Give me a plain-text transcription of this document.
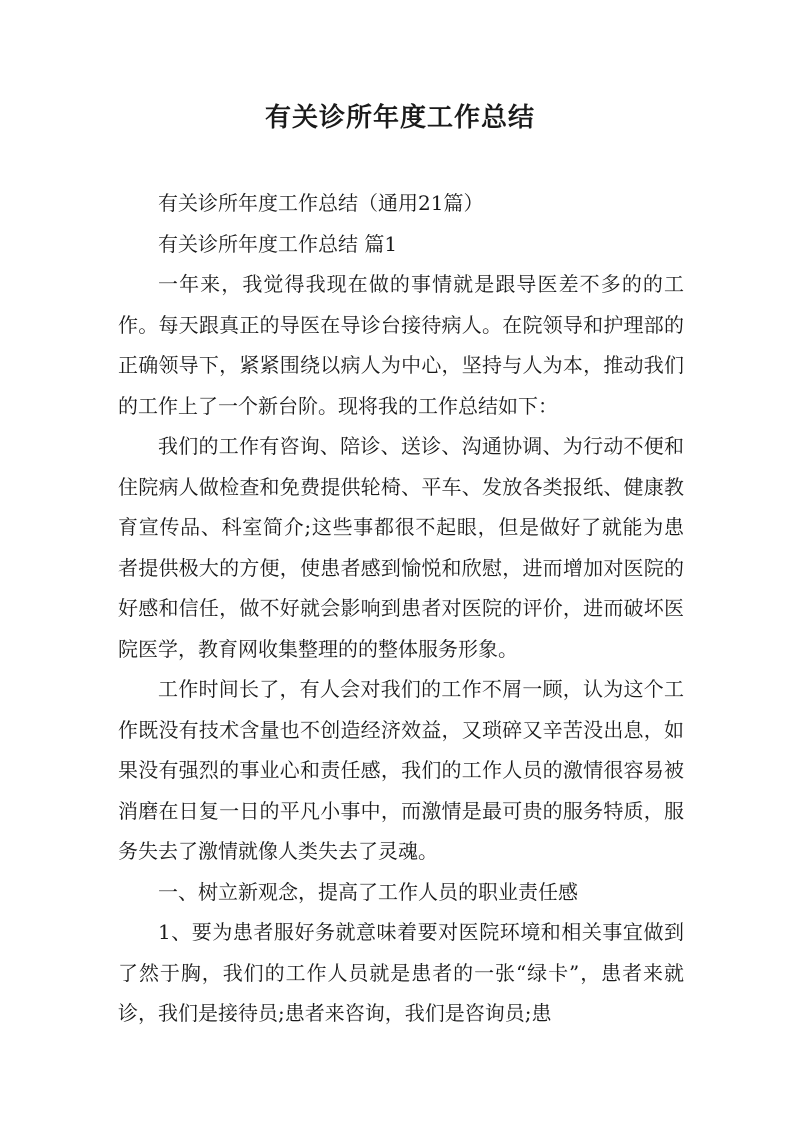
有关诊所年度工作总结

有关诊所年度工作总结（通用21篇）

有关诊所年度工作总结 篇1

一年来，我觉得我现在做的事情就是跟导医差不多的的工作。每天跟真正的导医在导诊台接待病人。在院领导和护理部的正确领导下，紧紧围绕以病人为中心，坚持与人为本，推动我们的工作上了一个新台阶。现将我的工作总结如下：

我们的工作有咨询、陪诊、送诊、沟通协调、为行动不便和住院病人做检查和免费提供轮椅、平车、发放各类报纸、健康教育宣传品、科室简介;这些事都很不起眼，但是做好了就能为患者提供极大的方便，使患者感到愉悦和欣慰，进而增加对医院的好感和信任，做不好就会影响到患者对医院的评价，进而破坏医院医学，教育网收集整理的的整体服务形象。

工作时间长了，有人会对我们的工作不屑一顾，认为这个工作既没有技术含量也不创造经济效益，又琐碎又辛苦没出息，如果没有强烈的事业心和责任感，我们的工作人员的激情很容易被消磨在日复一日的平凡小事中，而激情是最可贵的服务特质，服务失去了激情就像人类失去了灵魂。

一、树立新观念，提高了工作人员的职业责任感

1、要为患者服好务就意味着要对医院环境和相关事宜做到了然于胸，我们的工作人员就是患者的一张“绿卡”，患者来就诊，我们是接待员;患者来咨询，我们是咨询员;患
